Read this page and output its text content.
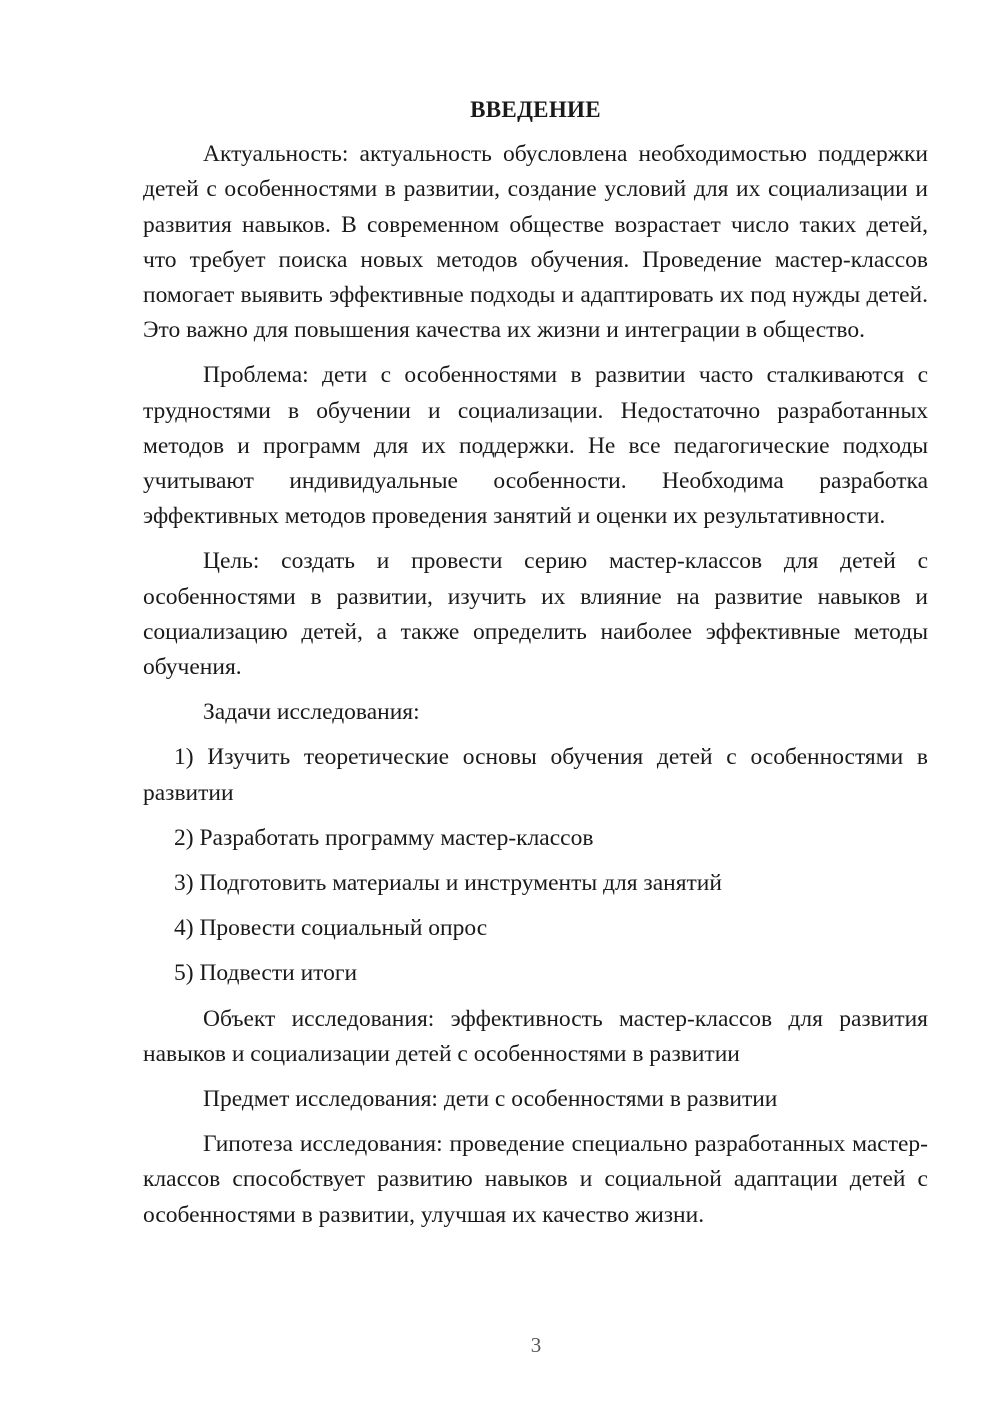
ВВЕДЕНИЕ

Актуальность: актуальность обусловлена необходимостью поддержки детей с особенностями в развитии, создание условий для их социализации и развития навыков. В современном обществе возрастает число таких детей, что требует поиска новых методов обучения. Проведение мастер-классов помогает выявить эффективные подходы и адаптировать их под нужды детей. Это важно для повышения качества их жизни и интеграции в общество.

Проблема: дети с особенностями в развитии часто сталкиваются с трудностями в обучении и социализации. Недостаточно разработанных методов и программ для их поддержки. Не все педагогические подходы учитывают индивидуальные особенности. Необходима разработка эффективных методов проведения занятий и оценки их результативности.

Цель: создать и провести серию мастер-классов для детей с особенностями в развитии, изучить их влияние на развитие навыков и социализацию детей, а также определить наиболее эффективные методы обучения.

Задачи исследования:

1) Изучить теоретические основы обучения детей с особенностями в развитии

2) Разработать программу мастер-классов

3) Подготовить материалы и инструменты для занятий

4) Провести социальный опрос

5) Подвести итоги

Объект исследования: эффективность мастер-классов для развития навыков и социализации детей с особенностями в развитии

Предмет исследования: дети с особенностями в развитии

Гипотеза исследования: проведение специально разработанных мастер-классов способствует развитию навыков и социальной адаптации детей с особенностями в развитии, улучшая их качество жизни.

3
